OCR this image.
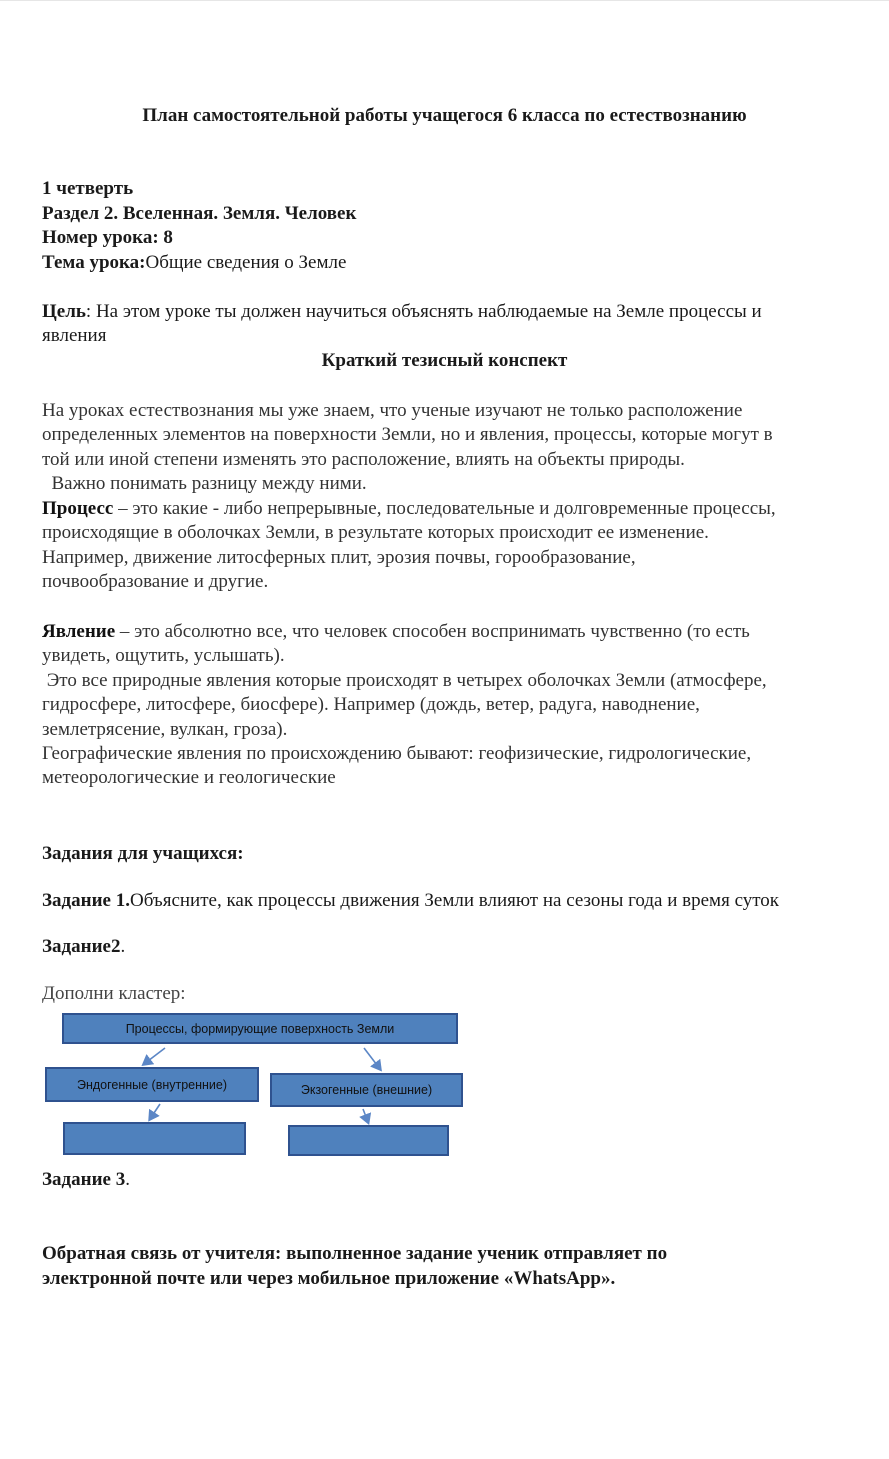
План самостоятельной работы учащегося 6 класса по естествознанию
1 четверть
Раздел 2. Вселенная. Земля. Человек
Номер урока: 8
Тема урока:Общие сведения о Земле
Цель: На этом уроке ты должен научиться объяснять наблюдаемые на Земле процессы и
явления
Краткий тезисный конспект
На уроках естествознания мы уже знаем, что ученые изучают не только расположение
определенных элементов на поверхности Земли, но и явления, процессы, которые могут в
той или иной степени изменять это расположение, влиять на объекты природы.
Важно понимать разницу между ними.
Процесс – это какие - либо непрерывные, последовательные и долговременные процессы,
происходящие в оболочках Земли, в результате которых происходит ее изменение.
Например, движение литосферных плит, эрозия почвы, горообразование,
почвообразование и другие.
Явление – это абсолютно все, что человек способен воспринимать чувственно (то есть
увидеть, ощутить, услышать).
Это все природные явления которые происходят в четырех оболочках Земли (атмосфере,
гидросфере, литосфере, биосфере). Например (дождь, ветер, радуга, наводнение,
землетрясение, вулкан, гроза).
Географические явления по происхождению бывают: геофизические, гидрологические,
метеорологические и геологические
Задания для учащихся:
Задание 1.Объясните, как процессы движения Земли влияют на сезоны года и время суток
Задание2.
Дополни кластер:
Процессы, формирующие поверхность Земли
Эндогенные (внутренние)	Экзогенные (внешние)
Задание 3.
Обратная связь от учителя: выполненное задание ученик отправляет по
электронной почте или через мобильное приложение «WhatsApp».
